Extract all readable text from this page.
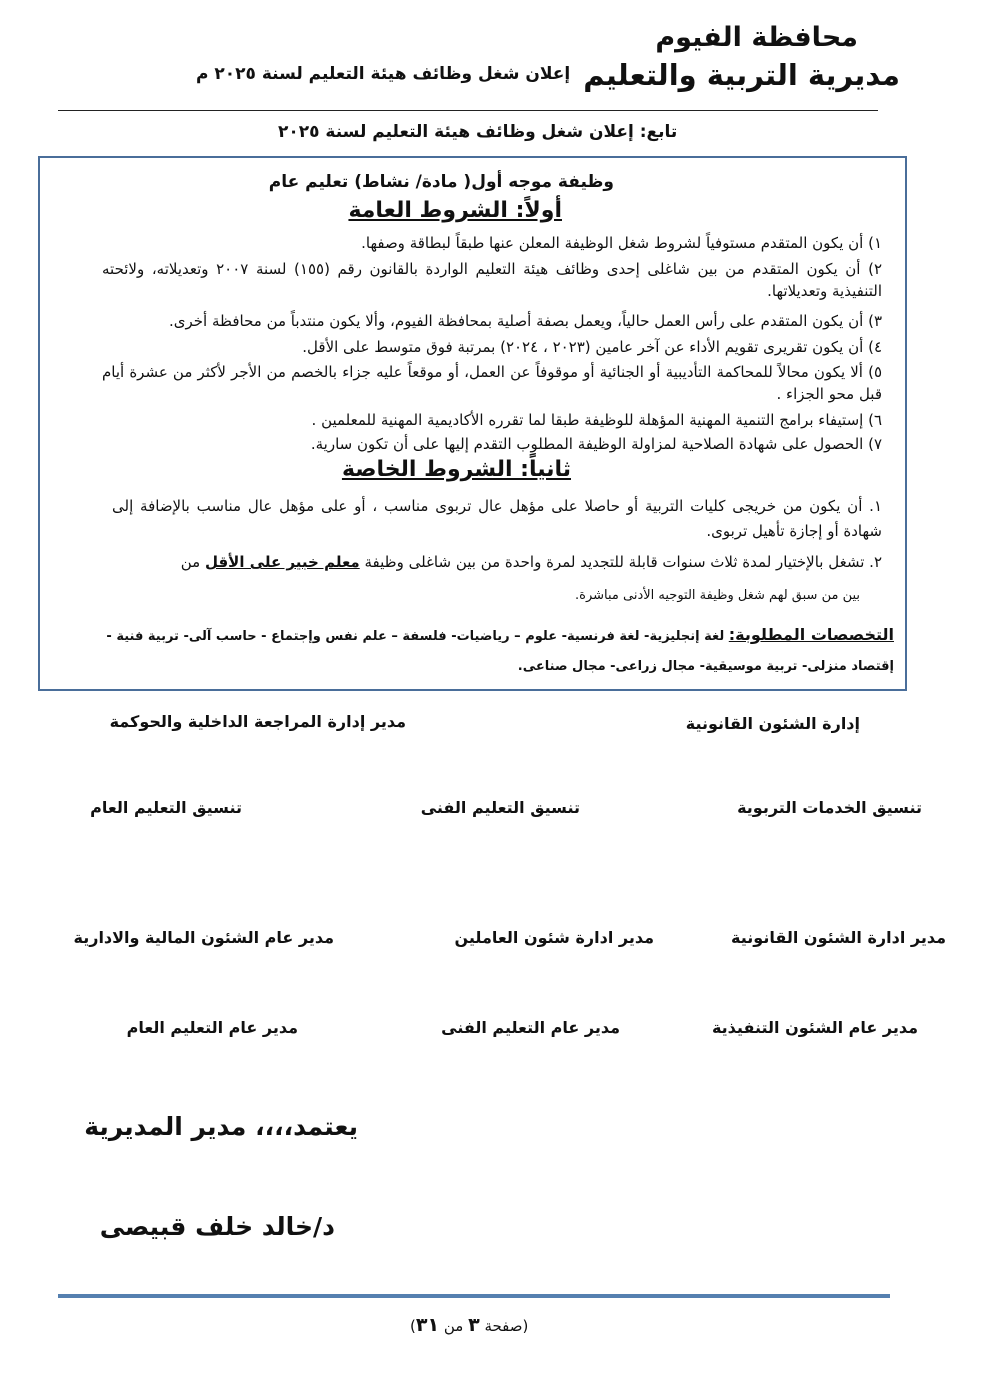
محافظة الفيوم
مديرية التربية والتعليم
إعلان شغل وظائف هيئة التعليم لسنة ٢٠٢٥ م
تابع: إعلان شغل وظائف هيئة التعليم لسنة ٢٠٢٥
وظيفة موجه أول( مادة/ نشاط) تعليم عام
أولاً: الشروط العامة
١) أن يكون المتقدم مستوفياً لشروط شغل الوظيفة المعلن عنها طبقاً لبطاقة وصفها.
٢) أن يكون المتقدم من بين شاغلى إحدى وظائف هيئة التعليم الواردة بالقانون رقم (١٥٥) لسنة ٢٠٠٧ وتعديلاته، ولائحته التنفيذية وتعديلاتها.
٣) أن يكون المتقدم على رأس العمل حالياً، ويعمل بصفة أصلية بمحافظة الفيوم، وألا يكون منتدباً من محافظة أخرى.
٤) أن يكون تقريرى تقويم الأداء عن آخر عامين (٢٠٢٣ ، ٢٠٢٤) بمرتبة فوق متوسط على الأقل.
٥) ألا يكون محالاً للمحاكمة التأديبية أو الجنائية أو موقوفاً عن العمل، أو موقعاً عليه جزاء بالخصم من الأجر لأكثر من عشرة أيام قبل محو الجزاء .
٦) إستيفاء برامج التنمية المهنية المؤهلة للوظيفة طبقا لما تقرره الأكاديمية المهنية للمعلمين .
٧) الحصول على شهادة الصلاحية لمزاولة الوظيفة المطلوب التقدم إليها على أن تكون سارية.
ثانياً: الشروط الخاصة
١. أن يكون من خريجى كليات التربية أو حاصلا على مؤهل عال تربوى مناسب ، أو على مؤهل عال مناسب بالإضافة إلى شهادة أو إجازة تأهيل تربوى.
٢. تشغل بالإختيار لمدة ثلاث سنوات قابلة للتجديد لمرة واحدة من بين شاغلى وظيفة معلم خبير على الأقل من
بين من سبق لهم شغل وظيفة التوجيه الأدنى مباشرة.
التخصصات المطلوبة: لغة إنجليزية- لغة فرنسية- علوم – رياضيات- فلسفة – علم نفس وإجتماع - حاسب آلى- تربية فنية - إقتصاد منزلى- تربية موسيقية- مجال زراعى- مجال صناعى.
إدارة الشئون القانونية
مدير إدارة المراجعة الداخلية والحوكمة
تنسيق الخدمات التربوية
تنسيق التعليم الفنى
تنسيق التعليم العام
مدير ادارة الشئون القانونية
مدير ادارة شئون العاملين
مدير عام الشئون المالية والادارية
مدير عام الشئون التنفيذية
مدير عام التعليم الفنى
مدير عام التعليم العام
يعتمد،،،، مدير المديرية
د/خالد خلف قبيصى
(صفحة ٣ من ٣١)
